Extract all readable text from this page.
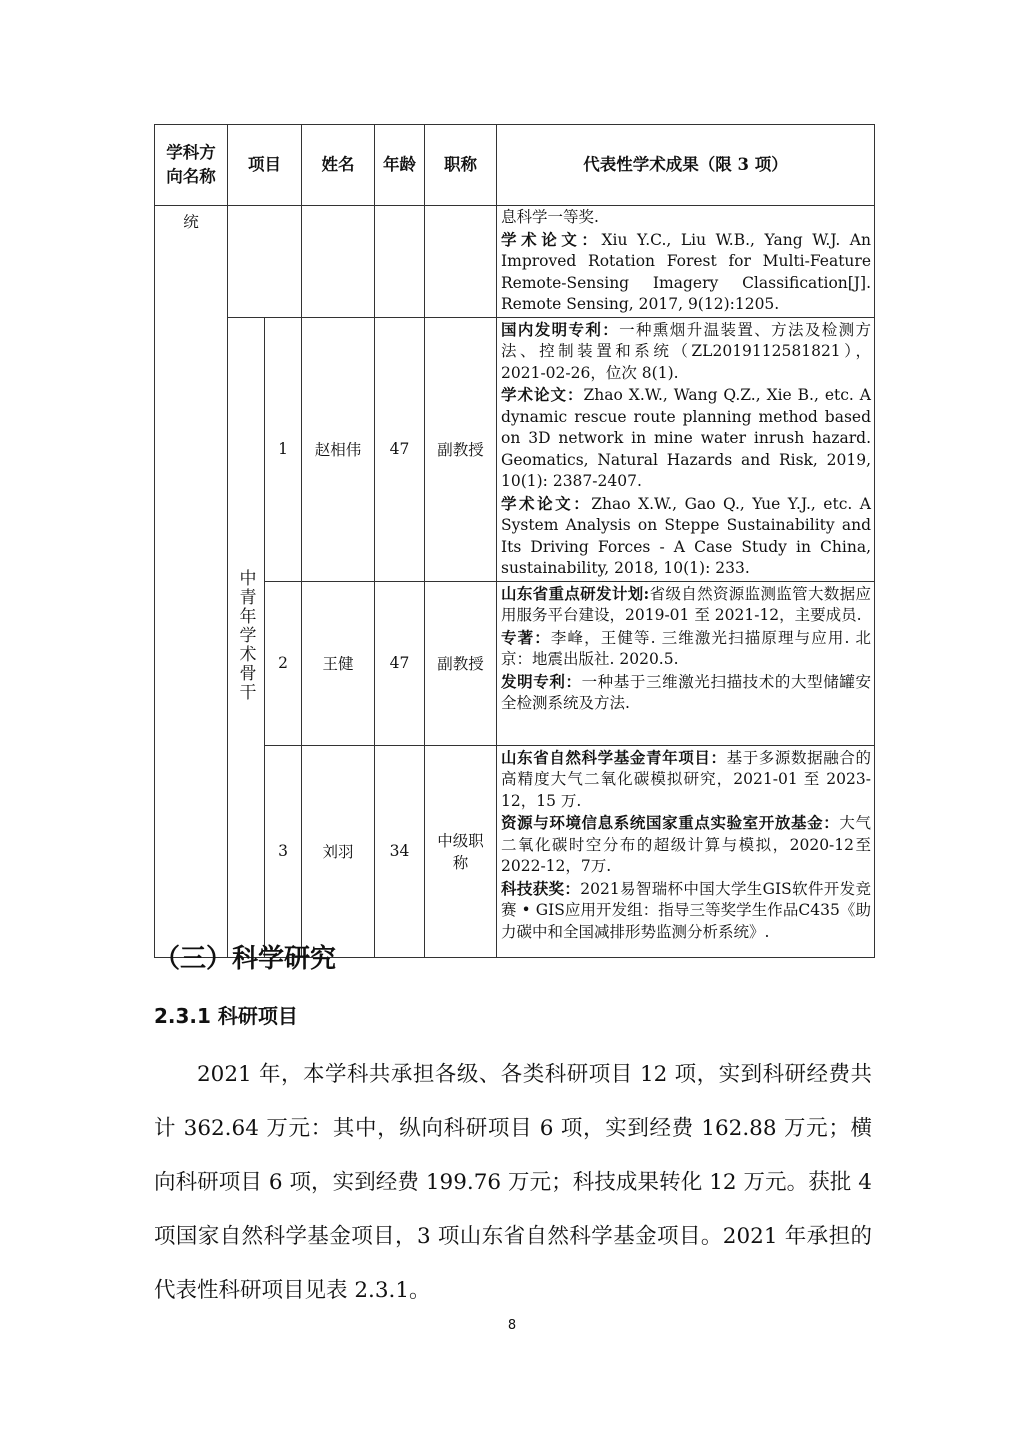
学科方向名称	项目		姓名	年龄	职称	代表性学术成果（限 3 项）
统						息科学一等奖.
学术论文：Xiu Y.C., Liu W.B., Yang W.J. An Improved Rotation Forest for Multi-Feature Remote-Sensing Imagery Classification[J]. Remote Sensing, 2017, 9(12):1205.

	中青年学术骨干	1	赵相伟	47	副教授	国内发明专利：一种熏烟升温装置、方法及检测方法、控制装置和系统（ZL2019112581821），2021-02-26，位次 8(1).
学术论文：Zhao X.W., Wang Q.Z., Xie B., etc. A dynamic rescue route planning method based on 3D network in mine water inrush hazard. Geomatics, Natural Hazards and Risk, 2019, 10(1): 2387-2407.
学术论文：Zhao X.W., Gao Q., Yue Y.J., etc. A System Analysis on Steppe Sustainability and Its Driving Forces - A Case Study in China, sustainability, 2018, 10(1): 233.

		2	王健	47	副教授	山东省重点研发计划:省级自然资源监测监管大数据应用服务平台建设，2019-01 至 2021-12，主要成员.
专著：李峰，王健等. 三维激光扫描原理与应用. 北京：地震出版社. 2020.5.
发明专利：一种基于三维激光扫描技术的大型储罐安全检测系统及方法.

		3	刘羽	34	中级职称	山东省自然科学基金青年项目：基于多源数据融合的高精度大气二氧化碳模拟研究，2021-01 至 2023-12，15 万.
资源与环境信息系统国家重点实验室开放基金：大气二氧化碳时空分布的超级计算与模拟，2020-12至2022-12，7万.
科技获奖：2021易智瑞杯中国大学生GIS软件开发竞赛 • GIS应用开发组：指导三等奖学生作品C435《助力碳中和全国减排形势监测分析系统》.
（三）科学研究
2.3.1 科研项目

2021 年，本学科共承担各级、各类科研项目 12 项，实到科研经费共计 362.64 万元：其中，纵向科研项目 6 项，实到经费 162.88 万元；横向科研项目 6 项，实到经费 199.76 万元；科技成果转化 12 万元。获批 4 项国家自然科学基金项目，3 项山东省自然科学基金项目。2021 年承担的代表性科研项目见表 2.3.1。

8
